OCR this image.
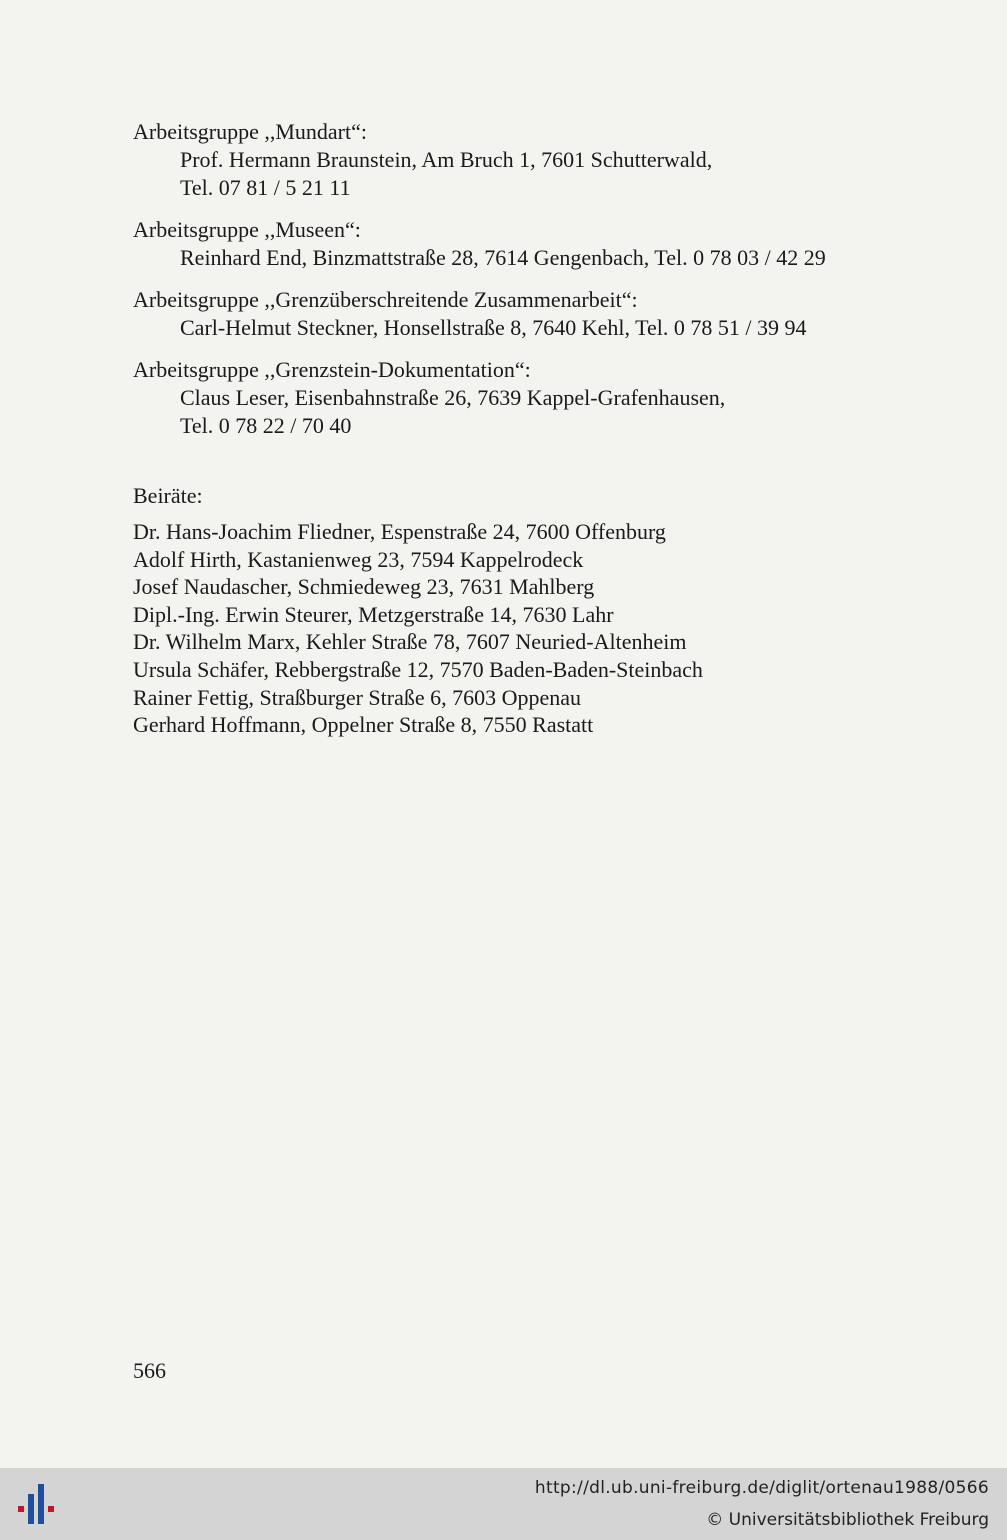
Arbeitsgruppe ,,Mundart“:
Prof. Hermann Braunstein, Am Bruch 1, 7601 Schutterwald,
Tel. 07 81 / 5 21 11
Arbeitsgruppe ,,Museen“:
Reinhard End, Binzmattstraße 28, 7614 Gengenbach, Tel. 0 78 03 / 42 29
Arbeitsgruppe ,,Grenzüberschreitende Zusammenarbeit“:
Carl-Helmut Steckner, Honsellstraße 8, 7640 Kehl, Tel. 0 78 51 / 39 94
Arbeitsgruppe ,,Grenzstein-Dokumentation“:
Claus Leser, Eisenbahnstraße 26, 7639 Kappel-Grafenhausen,
Tel. 0 78 22 / 70 40
Beiräte:
Dr. Hans-Joachim Fliedner, Espenstraße 24, 7600 Offenburg
Adolf Hirth, Kastanienweg 23, 7594 Kappelrodeck
Josef Naudascher, Schmiedeweg 23, 7631 Mahlberg
Dipl.-Ing. Erwin Steurer, Metzgerstraße 14, 7630 Lahr
Dr. Wilhelm Marx, Kehler Straße 78, 7607 Neuried-Altenheim
Ursula Schäfer, Rebbergstraße 12, 7570 Baden-Baden-Steinbach
Rainer Fettig, Straßburger Straße 6, 7603 Oppenau
Gerhard Hoffmann, Oppelner Straße 8, 7550 Rastatt
566
http://dl.ub.uni-freiburg.de/diglit/ortenau1988/0566
© Universitätsbibliothek Freiburg
